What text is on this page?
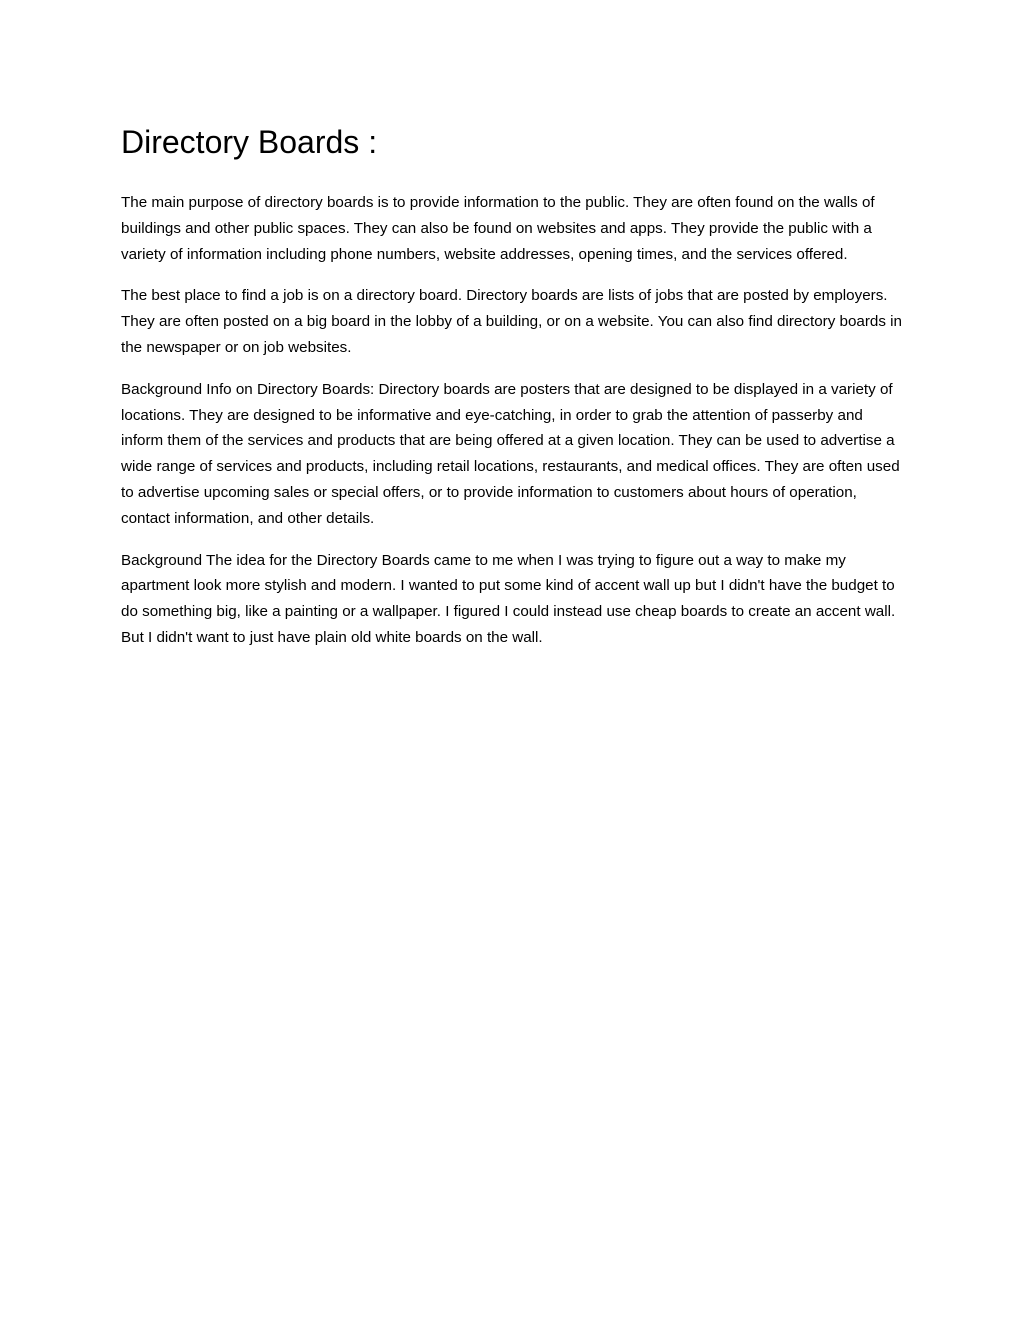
Directory Boards :

The main purpose of directory boards is to provide information to the public. They are often found on the walls of buildings and other public spaces. They can also be found on websites and apps. They provide the public with a variety of information including phone numbers, website addresses, opening times, and the services offered.

The best place to find a job is on a directory board. Directory boards are lists of jobs that are posted by employers. They are often posted on a big board in the lobby of a building, or on a website. You can also find directory boards in the newspaper or on job websites.

Background Info on Directory Boards: Directory boards are posters that are designed to be displayed in a variety of locations. They are designed to be informative and eye-catching, in order to grab the attention of passerby and inform them of the services and products that are being offered at a given location. They can be used to advertise a wide range of services and products, including retail locations, restaurants, and medical offices. They are often used to advertise upcoming sales or special offers, or to provide information to customers about hours of operation, contact information, and other details.

Background The idea for the Directory Boards came to me when I was trying to figure out a way to make my apartment look more stylish and modern. I wanted to put some kind of accent wall up but I didn't have the budget to do something big, like a painting or a wallpaper. I figured I could instead use cheap boards to create an accent wall. But I didn't want to just have plain old white boards on the wall.
